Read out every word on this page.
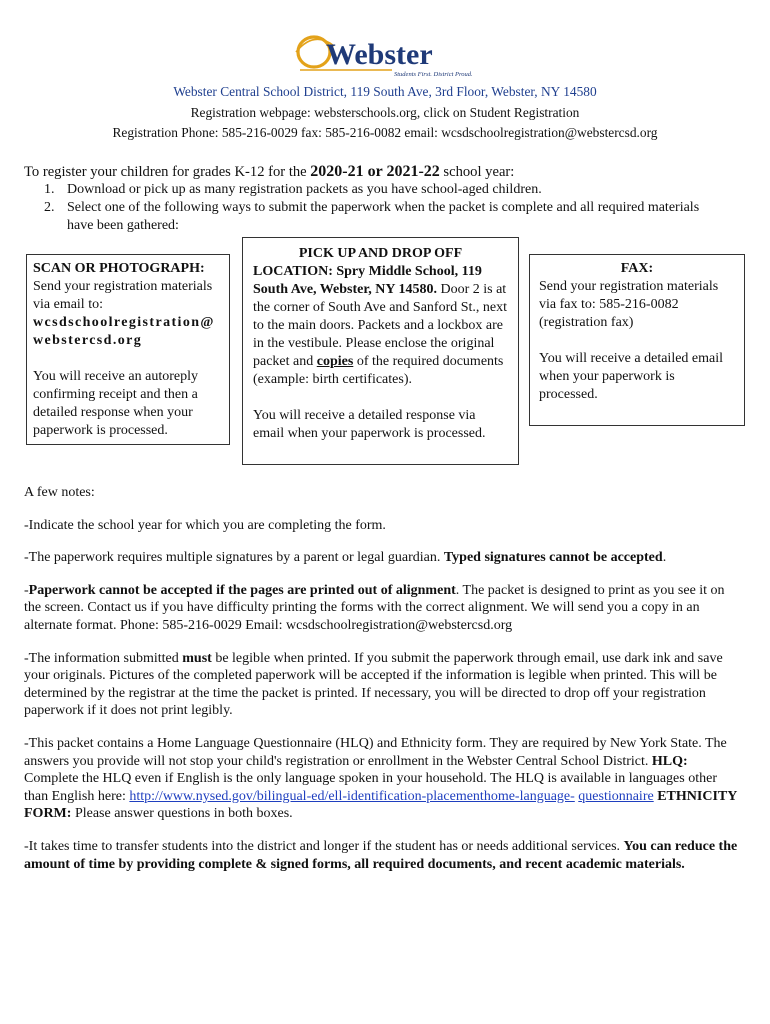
Webster
Students First. District Proud.
Webster Central School District, 119 South Ave, 3rd Floor, Webster, NY 14580
Registration webpage: websterschools.org, click on Student Registration
Registration Phone: 585-216-0029 fax: 585-216-0082 email: wcsdschoolregistration@webstercsd.org
To register your children for grades K-12 for the 2020-21 or 2021-22 school year:
1. Download or pick up as many registration packets as you have school-aged children.
2. Select one of the following ways to submit the paperwork when the packet is complete and all required materials have been gathered:
SCAN OR PHOTOGRAPH:
Send your registration materials via email to:
wcsdschoolregistration@
webstercsd.org
You will receive an autoreply confirming receipt and then a detailed response when your paperwork is processed.
PICK UP AND DROP OFF
LOCATION: Spry Middle School, 119 South Ave, Webster, NY 14580. Door 2 is at the corner of South Ave and Sanford St., next to the main doors. Packets and a lockbox are in the vestibule. Please enclose the original packet and copies of the required documents (example: birth certificates).
You will receive a detailed response via email when your paperwork is processed.
FAX:
Send your registration materials via fax to: 585-216-0082 (registration fax)
You will receive a detailed email when your paperwork is processed.

A few notes:

-Indicate the school year for which you are completing the form.

-The paperwork requires multiple signatures by a parent or legal guardian. Typed signatures cannot be accepted.

-Paperwork cannot be accepted if the pages are printed out of alignment. The packet is designed to print as you see it on the screen. Contact us if you have difficulty printing the forms with the correct alignment. We will send you a copy in an alternate format. Phone: 585-216-0029 Email: wcsdschoolregistration@webstercsd.org

-The information submitted must be legible when printed. If you submit the paperwork through email, use dark ink and save your originals. Pictures of the completed paperwork will be accepted if the information is legible when printed. This will be determined by the registrar at the time the packet is printed. If necessary, you will be directed to drop off your registration paperwork if it does not print legibly.

-This packet contains a Home Language Questionnaire (HLQ) and Ethnicity form. They are required by New York State. The answers you provide will not stop your child's registration or enrollment in the Webster Central School District. HLQ: Complete the HLQ even if English is the only language spoken in your household. The HLQ is available in languages other than English here: http://www.nysed.gov/bilingual-ed/ell-identification-placementhome-language- questionnaire ETHNICITY FORM: Please answer questions in both boxes.

-It takes time to transfer students into the district and longer if the student has or needs additional services. You can reduce the amount of time by providing complete & signed forms, all required documents, and recent academic materials.
